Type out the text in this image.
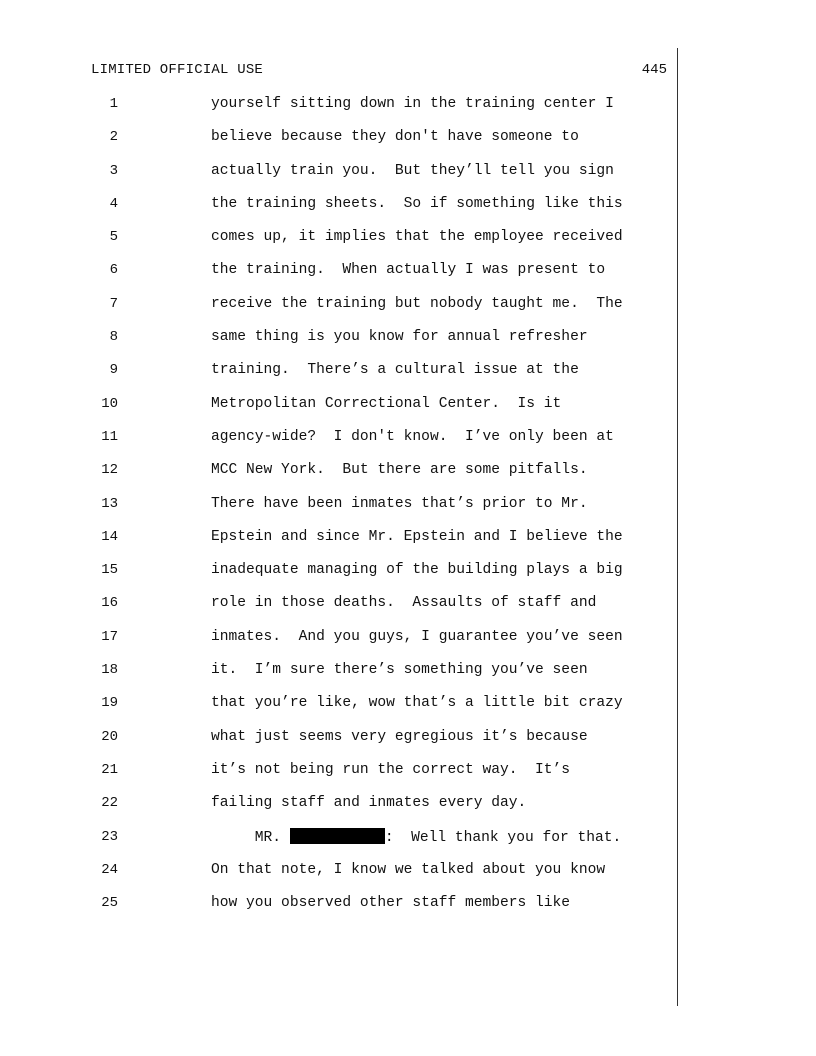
LIMITED OFFICIAL USE	445
1	yourself sitting down in the training center I
2	believe because they don't have someone to
3	actually train you.  But they’ll tell you sign
4	the training sheets.  So if something like this
5	comes up, it implies that the employee received
6	the training.  When actually I was present to
7	receive the training but nobody taught me.  The
8	same thing is you know for annual refresher
9	training.  There’s a cultural issue at the
10	Metropolitan Correctional Center.  Is it
11	agency-wide?  I don't know.  I’ve only been at
12	MCC New York.  But there are some pitfalls.
13	There have been inmates that’s prior to Mr.
14	Epstein and since Mr. Epstein and I believe the
15	inadequate managing of the building plays a big
16	role in those deaths.  Assaults of staff and
17	inmates.  And you guys, I guarantee you’ve seen
18	it.  I’m sure there’s something you’ve seen
19	that you’re like, wow that’s a little bit crazy
20	what just seems very egregious it’s because
21	it’s not being run the correct way.  It’s
22	failing staff and inmates every day.
23	MR.	:  Well thank you for that.
24	On that note, I know we talked about you know
25	how you observed other staff members like
